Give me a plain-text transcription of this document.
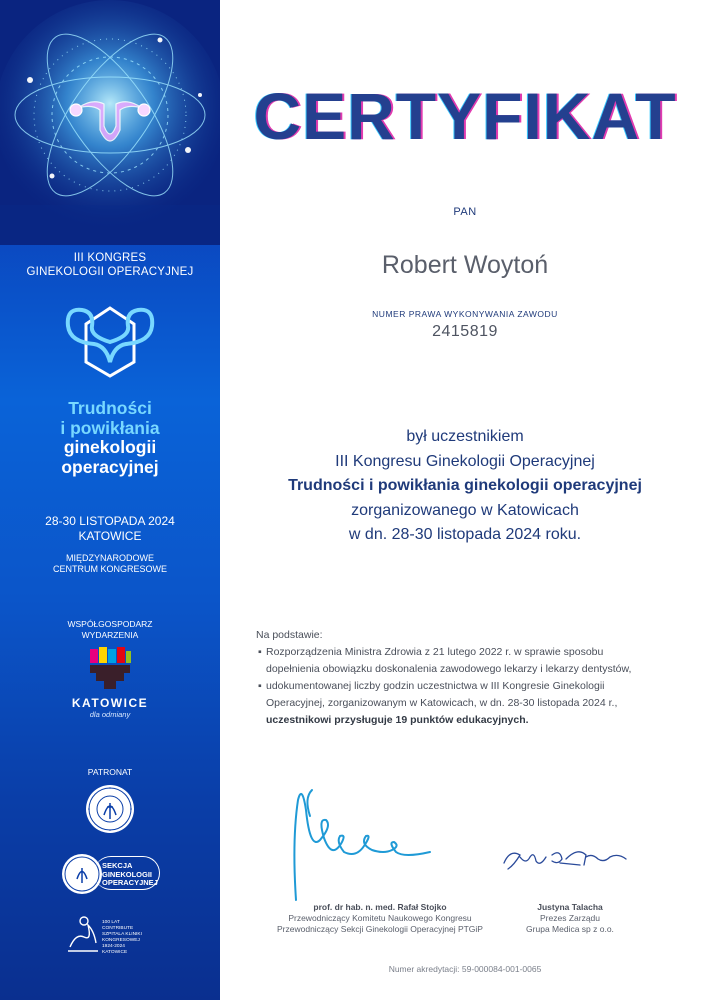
III KONGRES
GINEKOLOGII OPERACYJNEJ
Trudności
i powikłania
ginekologii
operacyjnej
28-30 LISTOPADA 2024
KATOWICE
MIĘDZYNARODOWE
CENTRUM KONGRESOWE
WSPÓŁGOSPODARZ
WYDARZENIA
KATOWICE
dla odmiany
PATRONAT
SEKCJA
GINEKOLOGII
OPERACYJNEJ
100 LAT CONTRIBUTE SZPITALA KLINIKI KONGRESOWEJ 1924-2024 KATOWICE
CERTYFIKAT
PAN
Robert Woytoń
NUMER PRAWA WYKONYWANIA ZAWODU
2415819
był uczestnikiem
III Kongresu Ginekologii Operacyjnej
Trudności i powikłania ginekologii operacyjnej
zorganizowanego w Katowicach
w dn. 28-30 listopada 2024 roku.
Na podstawie:
▪ Rozporządzenia Ministra Zdrowia z 21 lutego 2022 r. w sprawie sposobu
dopełnienia obowiązku doskonalenia zawodowego lekarzy i lekarzy dentystów,
▪ udokumentowanej liczby godzin uczestnictwa w III Kongresie Ginekologii
Operacyjnej, zorganizowanym w Katowicach, w dn. 28-30 listopada 2024 r.,
uczestnikowi przysługuje 19 punktów edukacyjnych.
prof. dr hab. n. med. Rafał Stojko
Przewodniczący Komitetu Naukowego Kongresu
Przewodniczący Sekcji Ginekologii Operacyjnej PTGiP
Justyna Talacha
Prezes Zarządu
Grupa Medica sp z o.o.
Numer akredytacji: 59-000084-001-0065
